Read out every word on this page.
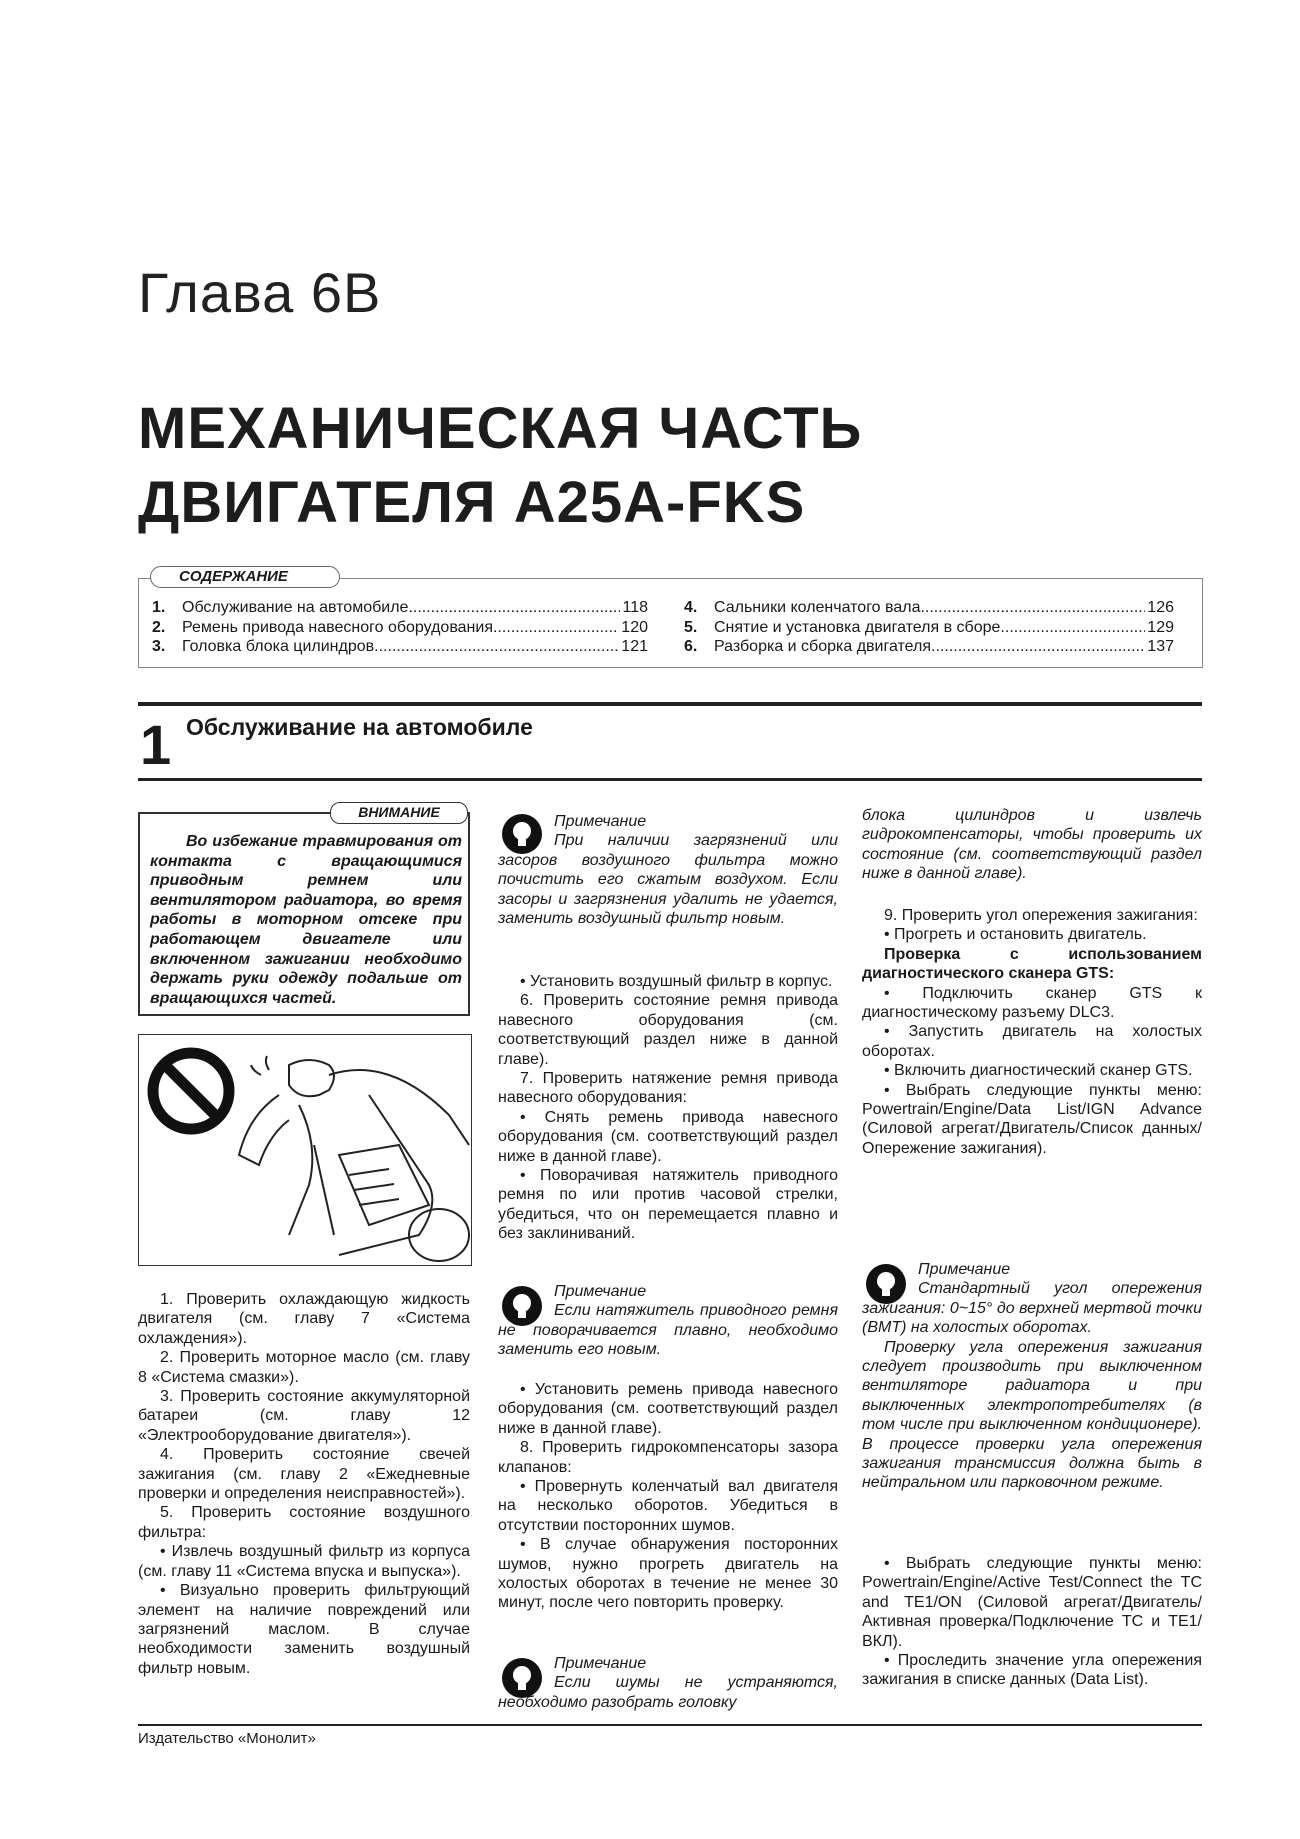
Глава 6B
МЕХАНИЧЕСКАЯ ЧАСТЬ
ДВИГАТЕЛЯ A25A-FKS
СОДЕРЖАНИЕ
1.	Обслуживание на автомобиле .....	118
2.	Ремень привода навесного оборудования .....	120
3.	Головка блока цилиндров .....	121
4.	Сальники коленчатого вала .....	126
5.	Снятие и установка двигателя в сборе .....	129
6.	Разборка и сборка двигателя .....	137
1 Обслуживание на автомобиле
ВНИМАНИЕ

Во избежание травмирования от контакта с вращающимися приводным ремнем или вентилятором радиатора, во время работы в моторном отсеке при работающем двигателе или включенном зажигании необходимо держать руки одежду подальше от вращающихся частей.

1. Проверить охлаждающую жидкость двигателя (см. главу 7 «Система охлаждения»).

2. Проверить моторное масло (см. главу 8 «Система смазки»).

3. Проверить состояние аккумуляторной батареи (см. главу 12 «Электрооборудование двигателя»).

4. Проверить состояние свечей зажигания (см. главу 2 «Ежедневные проверки и определения неисправностей»).

5. Проверить состояние воздушного фильтра:

• Извлечь воздушный фильтр из корпуса (см. главу 11 «Система впуска и выпуска»).

• Визуально проверить фильтрующий элемент на наличие повреждений или загрязнений маслом. В случае необходимости заменить воздушный фильтр новым.

Примечание
При наличии загрязнений или засоров воздушного фильтра можно почистить его сжатым воздухом. Если засоры и загрязнения удалить не удается, заменить воздушный фильтр новым.

• Установить воздушный фильтр в корпус.

6. Проверить состояние ремня привода навесного оборудования (см. соответствующий раздел ниже в данной главе).

7. Проверить натяжение ремня привода навесного оборудования:

• Снять ремень привода навесного оборудования (см. соответствующий раздел ниже в данной главе).

• Поворачивая натяжитель приводного ремня по или против часовой стрелки, убедиться, что он перемещается плавно и без заклиниваний.

Примечание
Если натяжитель приводного ремня не поворачивается плавно, необходимо заменить его новым.

• Установить ремень привода навесного оборудования (см. соответствующий раздел ниже в данной главе).

8. Проверить гидрокомпенсаторы зазора клапанов:

• Провернуть коленчатый вал двигателя на несколько оборотов. Убедиться в отсутствии посторонних шумов.

• В случае обнаружения посторонних шумов, нужно прогреть двигатель на холостых оборотах в течение не менее 30 минут, после чего повторить проверку.

Примечание
Если шумы не устраняются, необходимо разобрать головку

блока цилиндров и извлечь гидрокомпенсаторы, чтобы проверить их состояние (см. соответствующий раздел ниже в данной главе).

9. Проверить угол опережения зажигания:

• Прогреть и остановить двигатель.

Проверка с использованием диагностического сканера GTS:

• Подключить сканер GTS к диагностическому разъему DLC3.

• Запустить двигатель на холостых оборотах.

• Включить диагностический сканер GTS.

• Выбрать следующие пункты меню: Powertrain/Engine/Data List/IGN Advance (Силовой агрегат/Двигатель/Список данных/Опережение зажигания).

Примечание
Стандартный угол опережения зажигания: 0~15° до верхней мертвой точки (ВМТ) на холостых оборотах.
Проверку угла опережения зажигания следует производить при выключенном вентиляторе радиатора и при выключенных электропотребителях (в том числе при выключенном кондиционере). В процессе проверки угла опережения зажигания трансмиссия должна быть в нейтральном или парковочном режиме.

• Выбрать следующие пункты меню: Powertrain/Engine/Active Test/Connect the TC and TE1/ON (Силовой агрегат/Двигатель/Активная проверка/Подключение TC и TE1/ВКЛ).

• Проследить значение угла опережения зажигания в списке данных (Data List).

Издательство «Монолит»
